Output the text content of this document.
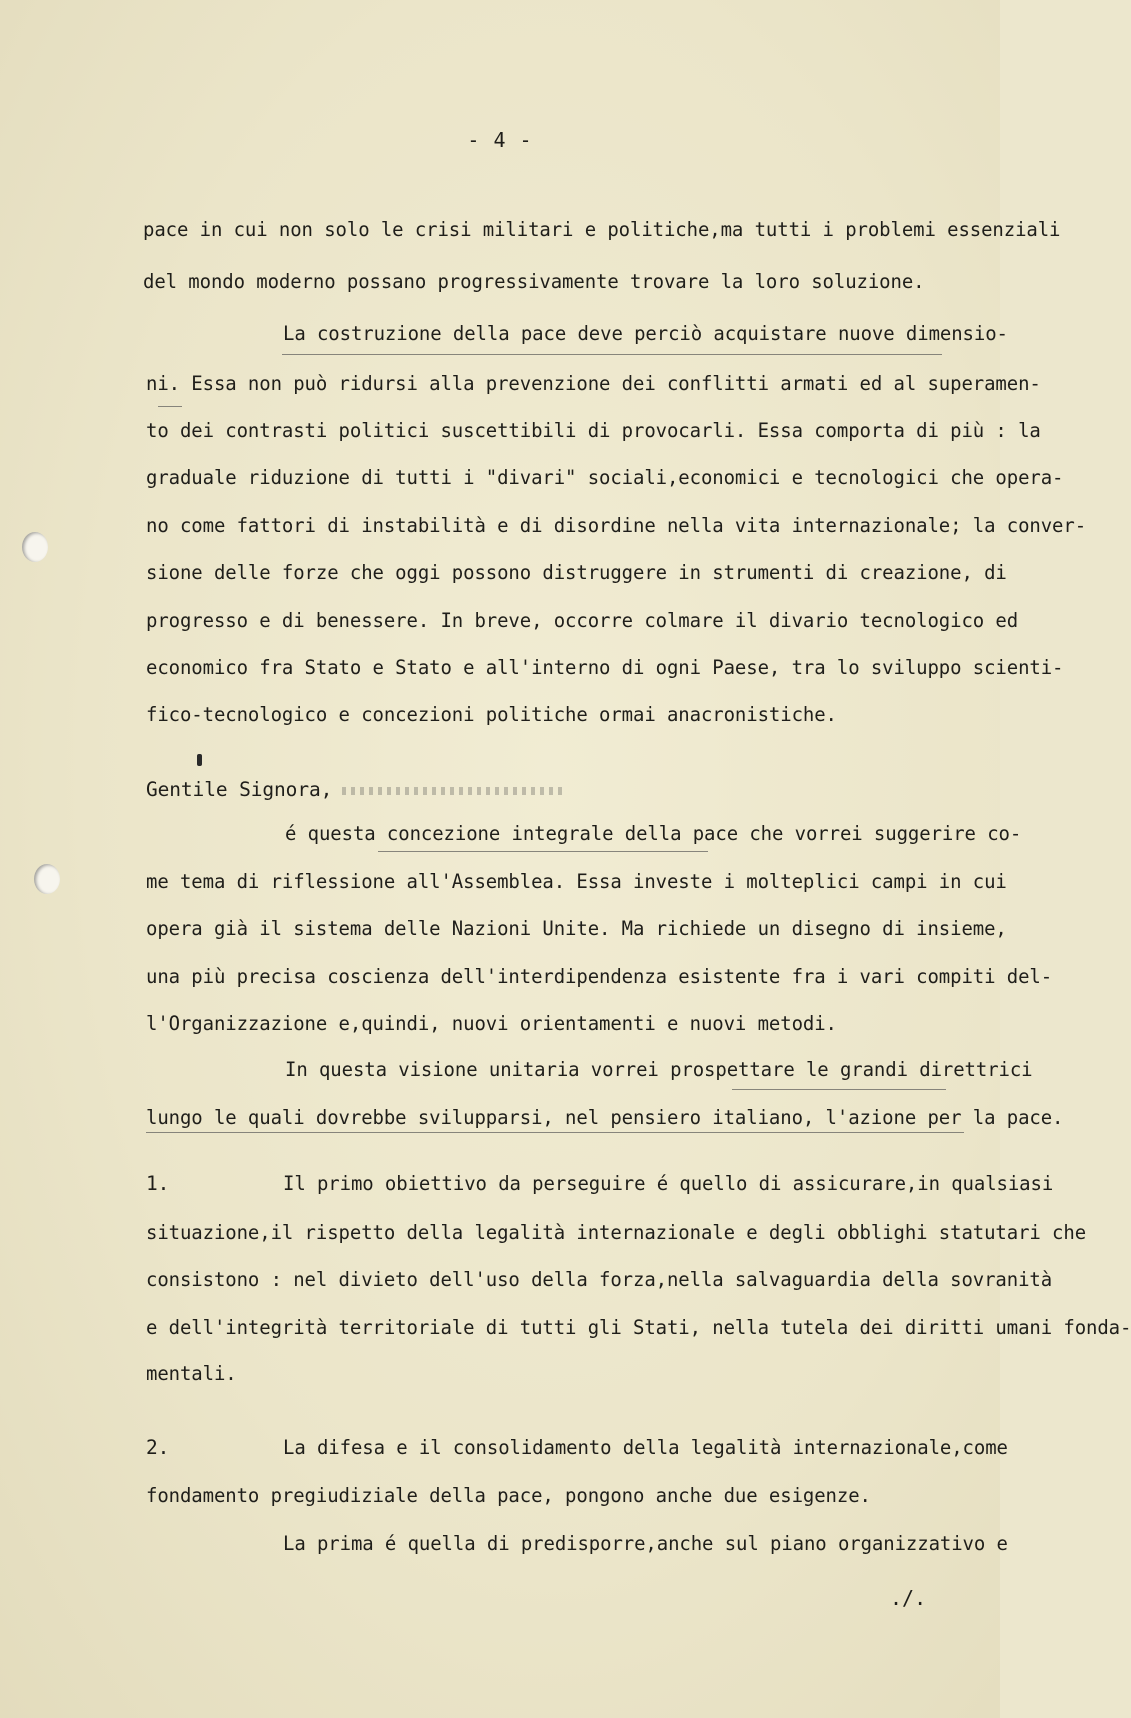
- 4 -
pace in cui non solo le crisi militari e politiche,ma tutti i problemi essenziali
del mondo moderno possano progressivamente trovare la loro soluzione.
La costruzione della pace deve perciò acquistare nuove dimensio-
ni. Essa non può ridursi alla prevenzione dei conflitti armati ed al superamen-
to dei contrasti politici suscettibili di provocarli. Essa comporta di più : la
graduale riduzione di tutti i "divari" sociali,economici e tecnologici che opera-
no come fattori di instabilità e di disordine nella vita internazionale; la conver-
sione delle forze che oggi possono distruggere in strumenti di creazione, di
progresso e di benessere. In breve, occorre colmare il divario tecnologico ed
economico fra Stato e Stato e all'interno di ogni Paese, tra lo sviluppo scienti-
fico-tecnologico e concezioni politiche ormai anacronistiche.
Gentile Signora,
é questa concezione integrale della pace che vorrei suggerire co-
me tema di riflessione all'Assemblea. Essa investe i molteplici campi in cui
opera già il sistema delle Nazioni Unite. Ma richiede un disegno di insieme,
una più precisa coscienza dell'interdipendenza esistente fra i vari compiti del-
l'Organizzazione e,quindi, nuovi orientamenti e nuovi metodi.
In questa visione unitaria vorrei prospettare le grandi direttrici
lungo le quali dovrebbe svilupparsi, nel pensiero italiano, l'azione per la pace.
1.	Il primo obiettivo da perseguire é quello di assicurare,in qualsiasi
situazione,il rispetto della legalità internazionale e degli obblighi statutari che
consistono : nel divieto dell'uso della forza,nella salvaguardia della sovranità
e dell'integrità territoriale di tutti gli Stati, nella tutela dei diritti umani fonda-
mentali.
2.	La difesa e il consolidamento della legalità internazionale,come
fondamento pregiudiziale della pace, pongono anche due esigenze.
La prima é quella di predisporre,anche sul piano organizzativo e
./.
